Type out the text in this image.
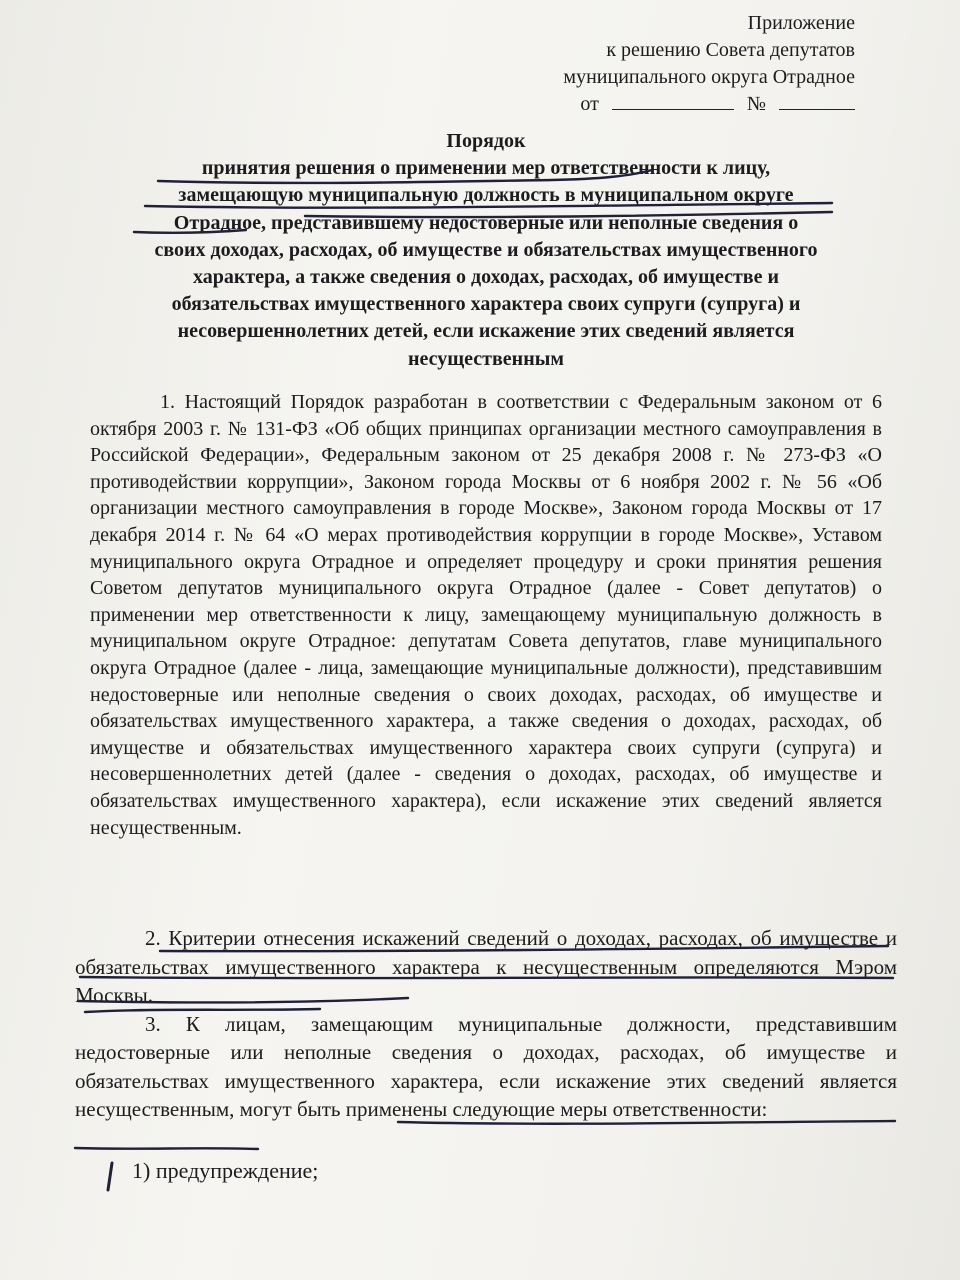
Приложение
к решению Совета депутатов
муниципального округа Отрадное
от	№
Порядок
принятия решения о применении мер ответственности к лицу,
замещающую муниципальную должность в муниципальном округе
Отрадное, представившему недостоверные или неполные сведения о
своих доходах, расходах, об имуществе и обязательствах имущественного
характера, а также сведения о доходах, расходах, об имуществе и
обязательствах имущественного характера своих супруги (супруга) и
несовершеннолетних детей, если искажение этих сведений является
несущественным

1. Настоящий Порядок разработан в соответствии с Федеральным законом от 6 октября 2003 г. № 131-ФЗ «Об общих принципах организации местного самоуправления в Российской Федерации», Федеральным законом от 25 декабря 2008 г. № 273-ФЗ «О противодействии коррупции», Законом города Москвы от 6 ноября 2002 г. № 56 «Об организации местного самоуправления в городе Москве», Законом города Москвы от 17 декабря 2014 г. № 64 «О мерах противодействия коррупции в городе Москве», Уставом муниципального округа Отрадное и определяет процедуру и сроки принятия решения Советом депутатов муниципального округа Отрадное (далее - Совет депутатов) о применении мер ответственности к лицу, замещающему муниципальную должность в муниципальном округе Отрадное: депутатам Совета депутатов, главе муниципального округа Отрадное (далее - лица, замещающие муниципальные должности), представившим недостоверные или неполные сведения о своих доходах, расходах, об имуществе и обязательствах имущественного характера, а также сведения о доходах, расходах, об имуществе и обязательствах имущественного характера своих супруги (супруга) и несовершеннолетних детей (далее - сведения о доходах, расходах, об имуществе и обязательствах имущественного характера), если искажение этих сведений является несущественным.

2. Критерии отнесения искажений сведений о доходах, расходах, об имуществе и обязательствах имущественного характера к несущественным определяются Мэром Москвы.

3. К лицам, замещающим муниципальные должности, представившим недостоверные или неполные сведения о доходах, расходах, об имуществе и обязательствах имущественного характера, если искажение этих сведений является несущественным, могут быть применены следующие меры ответственности:

1) предупреждение;
